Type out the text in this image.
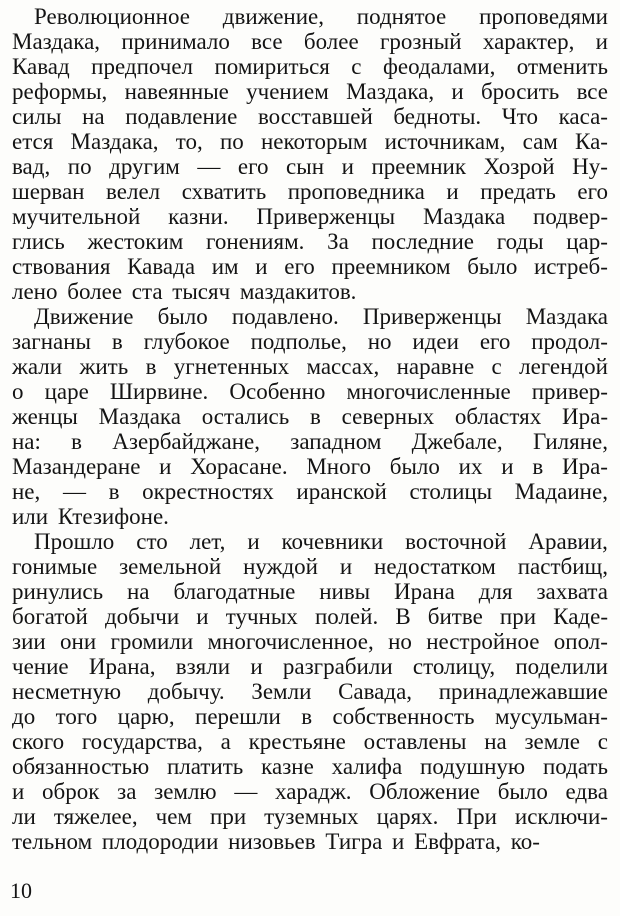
Революционное движение, поднятое проповедями
Маздака, принимало все более грозный характер, и
Кавад предпочел помириться с феодалами, отменить
реформы, навеянные учением Маздака, и бросить все
силы на подавление восставшей бедноты. Что каса-
ется Маздака, то, по некоторым источникам, сам Ка-
вад, по другим — его сын и преемник Хозрой Ну-
шерван велел схватить проповедника и предать его
мучительной казни. Приверженцы Маздака подвер-
глись жестоким гонениям. За последние годы цар-
ствования Кавада им и его преемником было истреб-
лено более ста тысяч маздакитов.
Движение было подавлено. Приверженцы Маздака
загнаны в глубокое подполье, но идеи его продол-
жали жить в угнетенных массах, наравне с легендой
о царе Ширвине. Особенно многочисленные привер-
женцы Маздака остались в северных областях Ира-
на: в Азербайджане, западном Джебале, Гиляне,
Мазандеране и Хорасане. Много было их и в Ира-
не, — в окрестностях иранской столицы Мадаине,
или Ктезифоне.
Прошло сто лет, и кочевники восточной Аравии,
гонимые земельной нуждой и недостатком пастбищ,
ринулись на благодатные нивы Ирана для захвата
богатой добычи и тучных полей. В битве при Каде-
зии они громили многочисленное, но нестройное опол-
чение Ирана, взяли и разграбили столицу, поделили
несметную добычу. Земли Савада, принадлежавшие
до того царю, перешли в собственность мусульман-
ского государства, а крестьяне оставлены на земле с
обязанностью платить казне халифа подушную подать
и оброк за землю — харадж. Обложение было едва
ли тяжелее, чем при туземных царях. При исключи-
тельном плодородии низовьев Тигра и Евфрата, ко-
10
